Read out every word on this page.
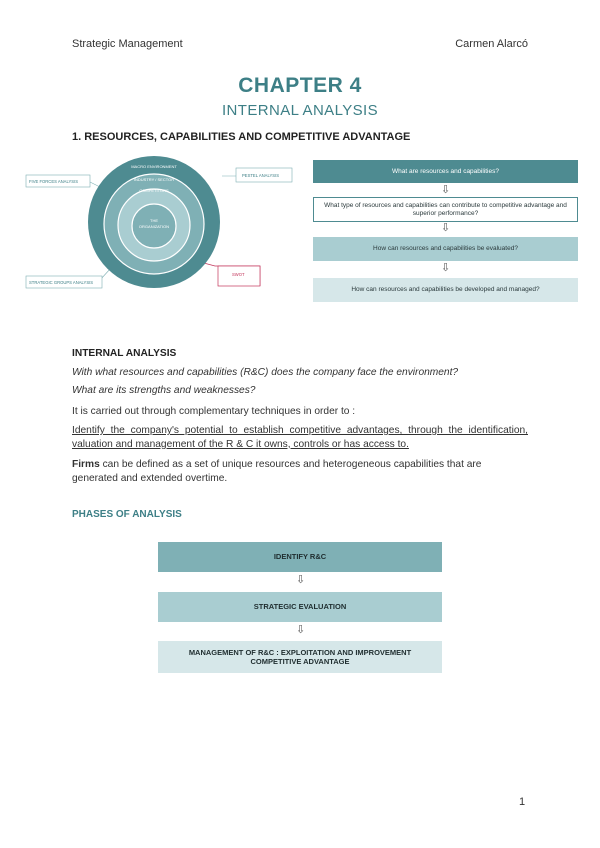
Strategic Management	Carmen Alarcó
CHAPTER 4
INTERNAL ANALYSIS
1. RESOURCES, CAPABILITIES AND COMPETITIVE ADVANTAGE
MACRO ENVIRONMENT
INDUSTRY / SECTOR
COMPETITORS
THE
ORGANIZATION
FIVE FORCES ANALYSIS
PESTEL ANALYSIS
STRATEGIC GROUPS ANALYSIS
SWOT
What are resources and capabilities?
⇩
What type of resources and capabilities can contribute to competitive advantage and superior performance?
⇩
How can resources and capabilities be evaluated?
⇩
How can resources and capabilities be developed and managed?
INTERNAL ANALYSIS
With what resources and capabilities (R&C) does the company face the environment?
What are its strengths and weaknesses?
It is carried out through complementary techniques in order to :
Identify the company's potential to establish competitive advantages, through the identification, valuation and management of the R & C it owns, controls or has access to.
Firms can be defined as a set of unique resources and heterogeneous capabilities that are generated and extended overtime.
PHASES OF ANALYSIS
IDENTIFY R&C
⇩
STRATEGIC EVALUATION
⇩
MANAGEMENT OF R&C : EXPLOITATION AND IMPROVEMENT COMPETITIVE ADVANTAGE
1
